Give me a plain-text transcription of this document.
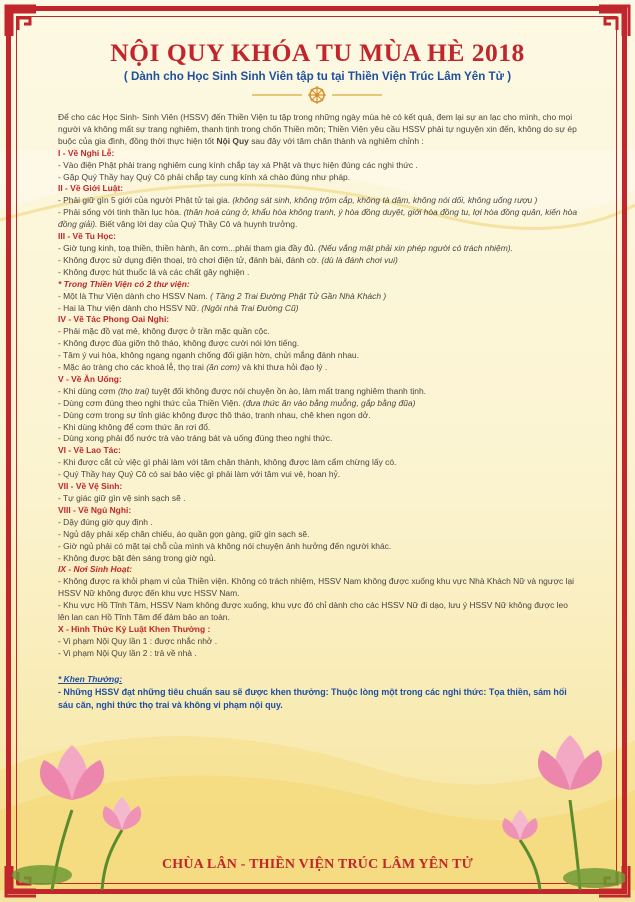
NỘI QUY KHÓA TU MÙA HÈ 2018
( Dành cho Học Sinh Sinh Viên tập tu tại Thiền Viện Trúc Lâm Yên Tử )

Để cho các Học Sinh- Sinh Viên (HSSV) đến Thiền Viện tu tập trong những ngày mùa hè có kết quả, đem lại sự an lạc cho mình, cho mọi người và không mất sự trang nghiêm, thanh tịnh trong chốn Thiền môn; Thiền Viện yêu cầu HSSV phải tự nguyện xin đến, không do sự ép buộc của gia đình, đồng thời thực hiện tốt Nội Quy sau đây với tâm chân thành và nghiêm chỉnh :

I - Về Nghi Lễ:

- Vào điện Phật phải trang nghiêm cung kính chắp tay xá Phật và thực hiện đúng các nghi thức .

- Gặp Quý Thầy hay Quý Cô phải chắp tay cung kính xá chào đúng như pháp.

II - Về Giới Luật:

- Phải giữ gìn 5 giới của người Phật tử tại gia. (không sát sinh, không trộm cắp, không tà dâm, không nói dối, không uống rượu )

- Phải sống với tinh thần lục hòa. (thân hoà cùng ở, khẩu hòa không tranh, ý hòa đồng duyệt, giới hòa đồng tu, lợi hòa đồng quân, kiến hòa đồng giải). Biết vâng lời dạy của Quý Thầy Cô và huynh trưởng.

III - Về Tu Học:

- Giờ tụng kinh, toạ thiền, thiền hành, ăn cơm...phải tham gia đầy đủ. (Nếu vắng mặt phải xin phép người có trách nhiệm).

- Không được sử dụng điện thoại, trò chơi điện tử, đánh bài, đánh cờ. (dù là đánh chơi vui)

- Không được hút thuốc lá và các chất gây nghiện .

* Trong Thiền Viện có 2 thư viện:

- Một là Thư Viện dành cho HSSV Nam. ( Tầng 2 Trai Đường Phật Tử Gần Nhà Khách )

- Hai là Thư viện dành cho HSSV Nữ. (Ngôi nhà Trai Đường Cũ)

IV - Về Tác Phong Oai Nghi:

- Phải mặc đồ vạt mẻ, không được ở trần mặc quần cộc.

- Không được đùa giỡn thô tháo, không được cười nói lớn tiếng.

- Tâm ý vui hòa, không ngang ngạnh chống đối giận hờn, chửi mắng đánh nhau.

- Mặc áo tràng cho các khoá lễ, thọ trai (ăn cơm) và khi thưa hỏi đạo lý .

V - Về Ăn Uống:

- Khi dùng cơm (thọ trai) tuyệt đối không được nói chuyện ồn ào, làm mất trang nghiêm thanh tịnh.

- Dùng cơm đúng theo nghi thức của Thiền Viện. (đưa thức ăn vào bằng muỗng, gắp bằng đũa)

- Dùng cơm trong sự tỉnh giác không được thô tháo, tranh nhau, chê khen ngon dở.

- Khi dùng không để cơm thức ăn rơi đổ.

- Dùng xong phải đổ nước trà vào tráng bát và uống đúng theo nghi thức.

VI - Về Lao Tác:

- Khi được cắt cử việc gì phải làm với tâm chân thành, không được làm cẩm chừng lấy có.

- Quý Thầy hay Quý Cô có sai bảo việc gì phải làm với tâm vui vẻ, hoan hỷ.

VII - Về Vệ Sinh:

- Tự giác giữ gìn vệ sinh sạch sẽ .

VIII - Về Ngủ Nghỉ:

- Dậy đúng giờ quy định .

- Ngủ dậy phải xếp chăn chiếu, áo quần gọn gàng, giữ gìn sạch sẽ.

- Giờ ngủ phải có mặt tại chỗ của mình và không nói chuyện ảnh hưởng đến người khác.

- Không được bật đèn sáng trong giờ ngủ.

IX - Nơi Sinh Hoạt:

- Không được ra khỏi phạm vi của Thiền viện. Không có trách nhiệm, HSSV Nam không được xuống khu vực Nhà Khách Nữ và ngược lại HSSV Nữ không được đến khu vực HSSV Nam.

- Khu vực Hồ Tĩnh Tâm, HSSV Nam không được xuống, khu vực đó chỉ dành cho các HSSV Nữ đi dạo, lưu ý HSSV Nữ không được leo lên lan can Hồ Tĩnh Tâm để đảm bảo an toàn.

X - Hình Thức Kỷ Luật Khen Thưởng :

- Vi phạm Nội Quy lần 1 : được nhắc nhở .

- Vi phạm Nội Quy lần 2 : trả về nhà .

* Khen Thưởng:

- Những HSSV đạt những tiêu chuẩn sau sẽ được khen thưởng: Thuộc lòng một trong các nghi thức: Tọa thiền, sám hối sáu căn, nghi thức thọ trai và không vi phạm nội quy.

CHÙA LÂN - THIỀN VIỆN TRÚC LÂM YÊN TỬ
